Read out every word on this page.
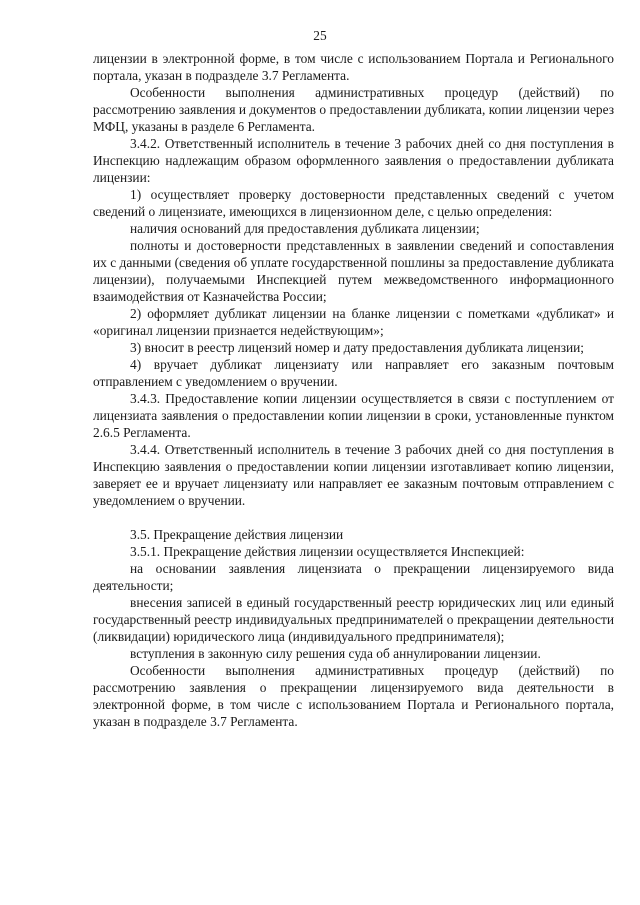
25

лицензии в электронной форме, в том числе с использованием Портала и Регионального портала, указан в подразделе 3.7 Регламента.

Особенности выполнения административных процедур (действий) по рассмотрению заявления и документов о предоставлении дубликата, копии лицензии через МФЦ, указаны в разделе 6 Регламента.

3.4.2. Ответственный исполнитель в течение 3 рабочих дней со дня поступления в Инспекцию надлежащим образом оформленного заявления о предоставлении дубликата лицензии:

1) осуществляет проверку достоверности представленных сведений с учетом сведений о лицензиате, имеющихся в лицензионном деле, с целью определения:

наличия оснований для предоставления дубликата лицензии;

полноты и достоверности представленных в заявлении сведений и сопоставления их с данными (сведения об уплате государственной пошлины за предоставление дубликата лицензии), получаемыми Инспекцией путем межведомственного информационного взаимодействия от Казначейства России;

2) оформляет дубликат лицензии на бланке лицензии с пометками «дубликат» и «оригинал лицензии признается недействующим»;

3) вносит в реестр лицензий номер и дату предоставления дубликата лицензии;

4) вручает дубликат лицензиату или направляет его заказным почтовым отправлением с уведомлением о вручении.

3.4.3. Предоставление копии лицензии осуществляется в связи с поступлением от лицензиата заявления о предоставлении копии лицензии в сроки, установленные пунктом 2.6.5 Регламента.

3.4.4. Ответственный исполнитель в течение 3 рабочих дней со дня поступления в Инспекцию заявления о предоставлении копии лицензии изготавливает копию лицензии, заверяет ее и вручает лицензиату или направляет ее заказным почтовым отправлением с уведомлением о вручении.

3.5. Прекращение действия лицензии

3.5.1. Прекращение действия лицензии осуществляется Инспекцией:

на основании заявления лицензиата о прекращении лицензируемого вида деятельности;

внесения записей в единый государственный реестр юридических лиц или единый государственный реестр индивидуальных предпринимателей о прекращении деятельности (ликвидации) юридического лица (индивидуального предпринимателя);

вступления в законную силу решения суда об аннулировании лицензии.

Особенности выполнения административных процедур (действий) по рассмотрению заявления о прекращении лицензируемого вида деятельности в электронной форме, в том числе с использованием Портала и Регионального портала, указан в подразделе 3.7 Регламента.
